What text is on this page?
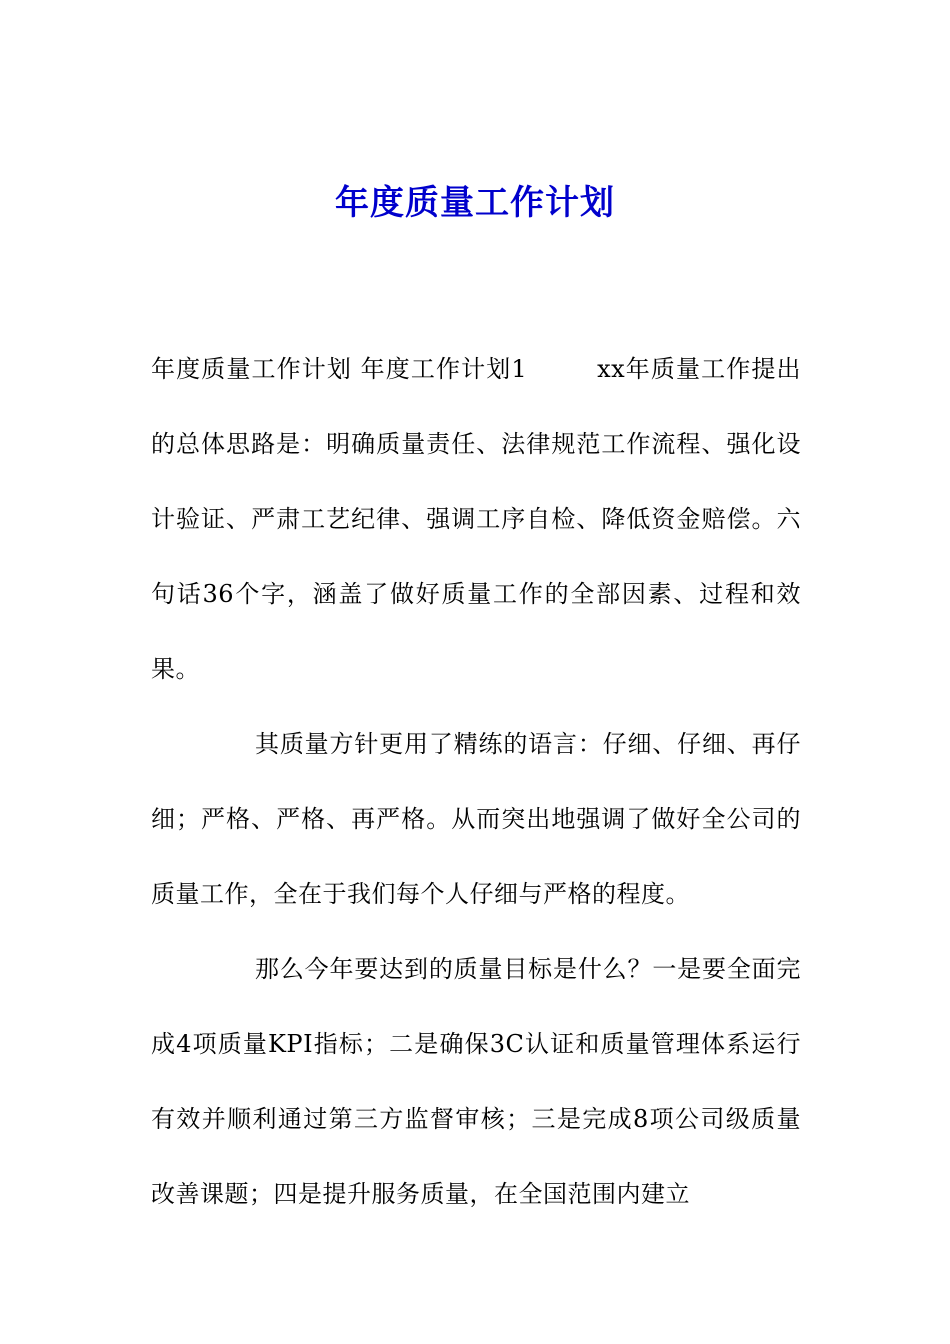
年度质量工作计划

年度质量工作计划 年度工作计划1        xx年质量工作提出的总体思路是：明确质量责任、法律规范工作流程、强化设计验证、严肃工艺纪律、强调工序自检、降低资金赔偿。六句话36个字，涵盖了做好质量工作的全部因素、过程和效果。

其质量方针更用了精练的语言：仔细、仔细、再仔细；严格、严格、再严格。从而突出地强调了做好全公司的质量工作，全在于我们每个人仔细与严格的程度。

那么今年要达到的质量目标是什么？一是要全面完成4项质量KPI指标；二是确保3C认证和质量管理体系运行有效并顺利通过第三方监督审核；三是完成8项公司级质量改善课题；四是提升服务质量，在全国范围内建立
